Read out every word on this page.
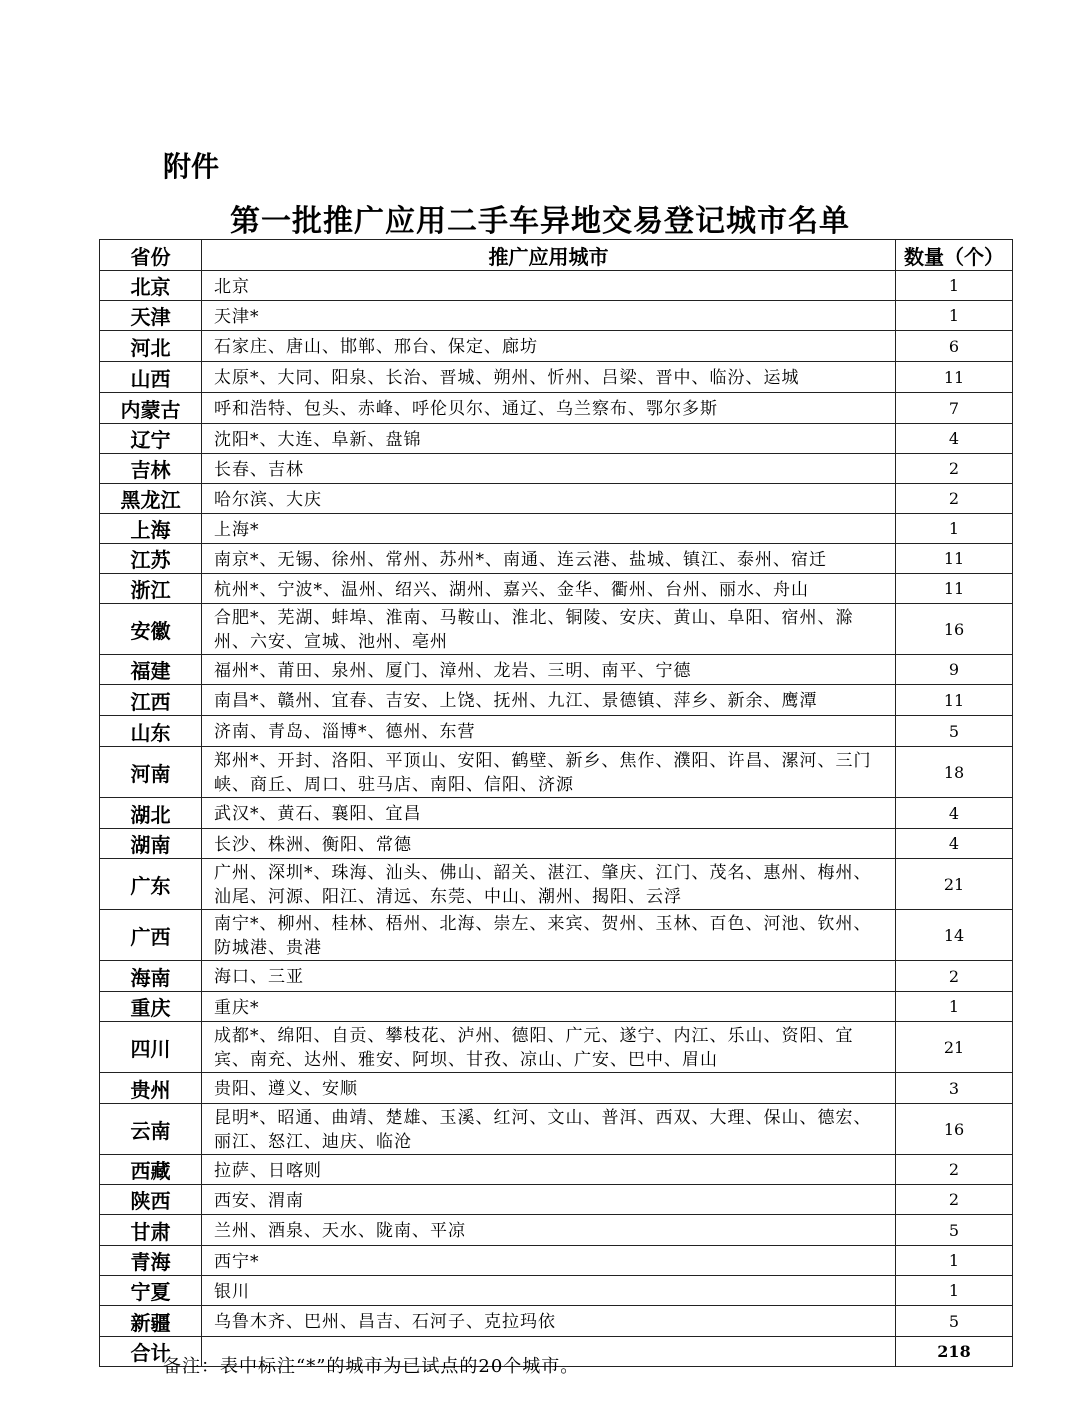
附件
第一批推广应用二手车异地交易登记城市名单
省份	推广应用城市	数量（个）
北京	北京	1
天津	天津*	1
河北	石家庄、唐山、邯郸、邢台、保定、廊坊	6
山西	太原*、大同、阳泉、长治、晋城、朔州、忻州、吕梁、晋中、临汾、运城	11
内蒙古	呼和浩特、包头、赤峰、呼伦贝尔、通辽、乌兰察布、鄂尔多斯	7
辽宁	沈阳*、大连、阜新、盘锦	4
吉林	长春、吉林	2
黑龙江	哈尔滨、大庆	2
上海	上海*	1
江苏	南京*、无锡、徐州、常州、苏州*、南通、连云港、盐城、镇江、泰州、宿迁	11
浙江	杭州*、宁波*、温州、绍兴、湖州、嘉兴、金华、衢州、台州、丽水、舟山	11
安徽	合肥*、芜湖、蚌埠、淮南、马鞍山、淮北、铜陵、安庆、黄山、阜阳、宿州、滁州、六安、宣城、池州、亳州	16
福建	福州*、莆田、泉州、厦门、漳州、龙岩、三明、南平、宁德	9
江西	南昌*、赣州、宜春、吉安、上饶、抚州、九江、景德镇、萍乡、新余、鹰潭	11
山东	济南、青岛、淄博*、德州、东营	5
河南	郑州*、开封、洛阳、平顶山、安阳、鹤壁、新乡、焦作、濮阳、许昌、漯河、三门峡、商丘、周口、驻马店、南阳、信阳、济源	18
湖北	武汉*、黄石、襄阳、宜昌	4
湖南	长沙、株洲、衡阳、常德	4
广东	广州、深圳*、珠海、汕头、佛山、韶关、湛江、肇庆、江门、茂名、惠州、梅州、汕尾、河源、阳江、清远、东莞、中山、潮州、揭阳、云浮	21
广西	南宁*、柳州、桂林、梧州、北海、崇左、来宾、贺州、玉林、百色、河池、钦州、防城港、贵港	14
海南	海口、三亚	2
重庆	重庆*	1
四川	成都*、绵阳、自贡、攀枝花、泸州、德阳、广元、遂宁、内江、乐山、资阳、宜宾、南充、达州、雅安、阿坝、甘孜、凉山、广安、巴中、眉山	21
贵州	贵阳、遵义、安顺	3
云南	昆明*、昭通、曲靖、楚雄、玉溪、红河、文山、普洱、西双、大理、保山、德宏、丽江、怒江、迪庆、临沧	16
西藏	拉萨、日喀则	2
陕西	西安、渭南	2
甘肃	兰州、酒泉、天水、陇南、平凉	5
青海	西宁*	1
宁夏	银川	1
新疆	乌鲁木齐、巴州、昌吉、石河子、克拉玛依	5
合计		218
备注：表中标注“*”的城市为已试点的20个城市。
